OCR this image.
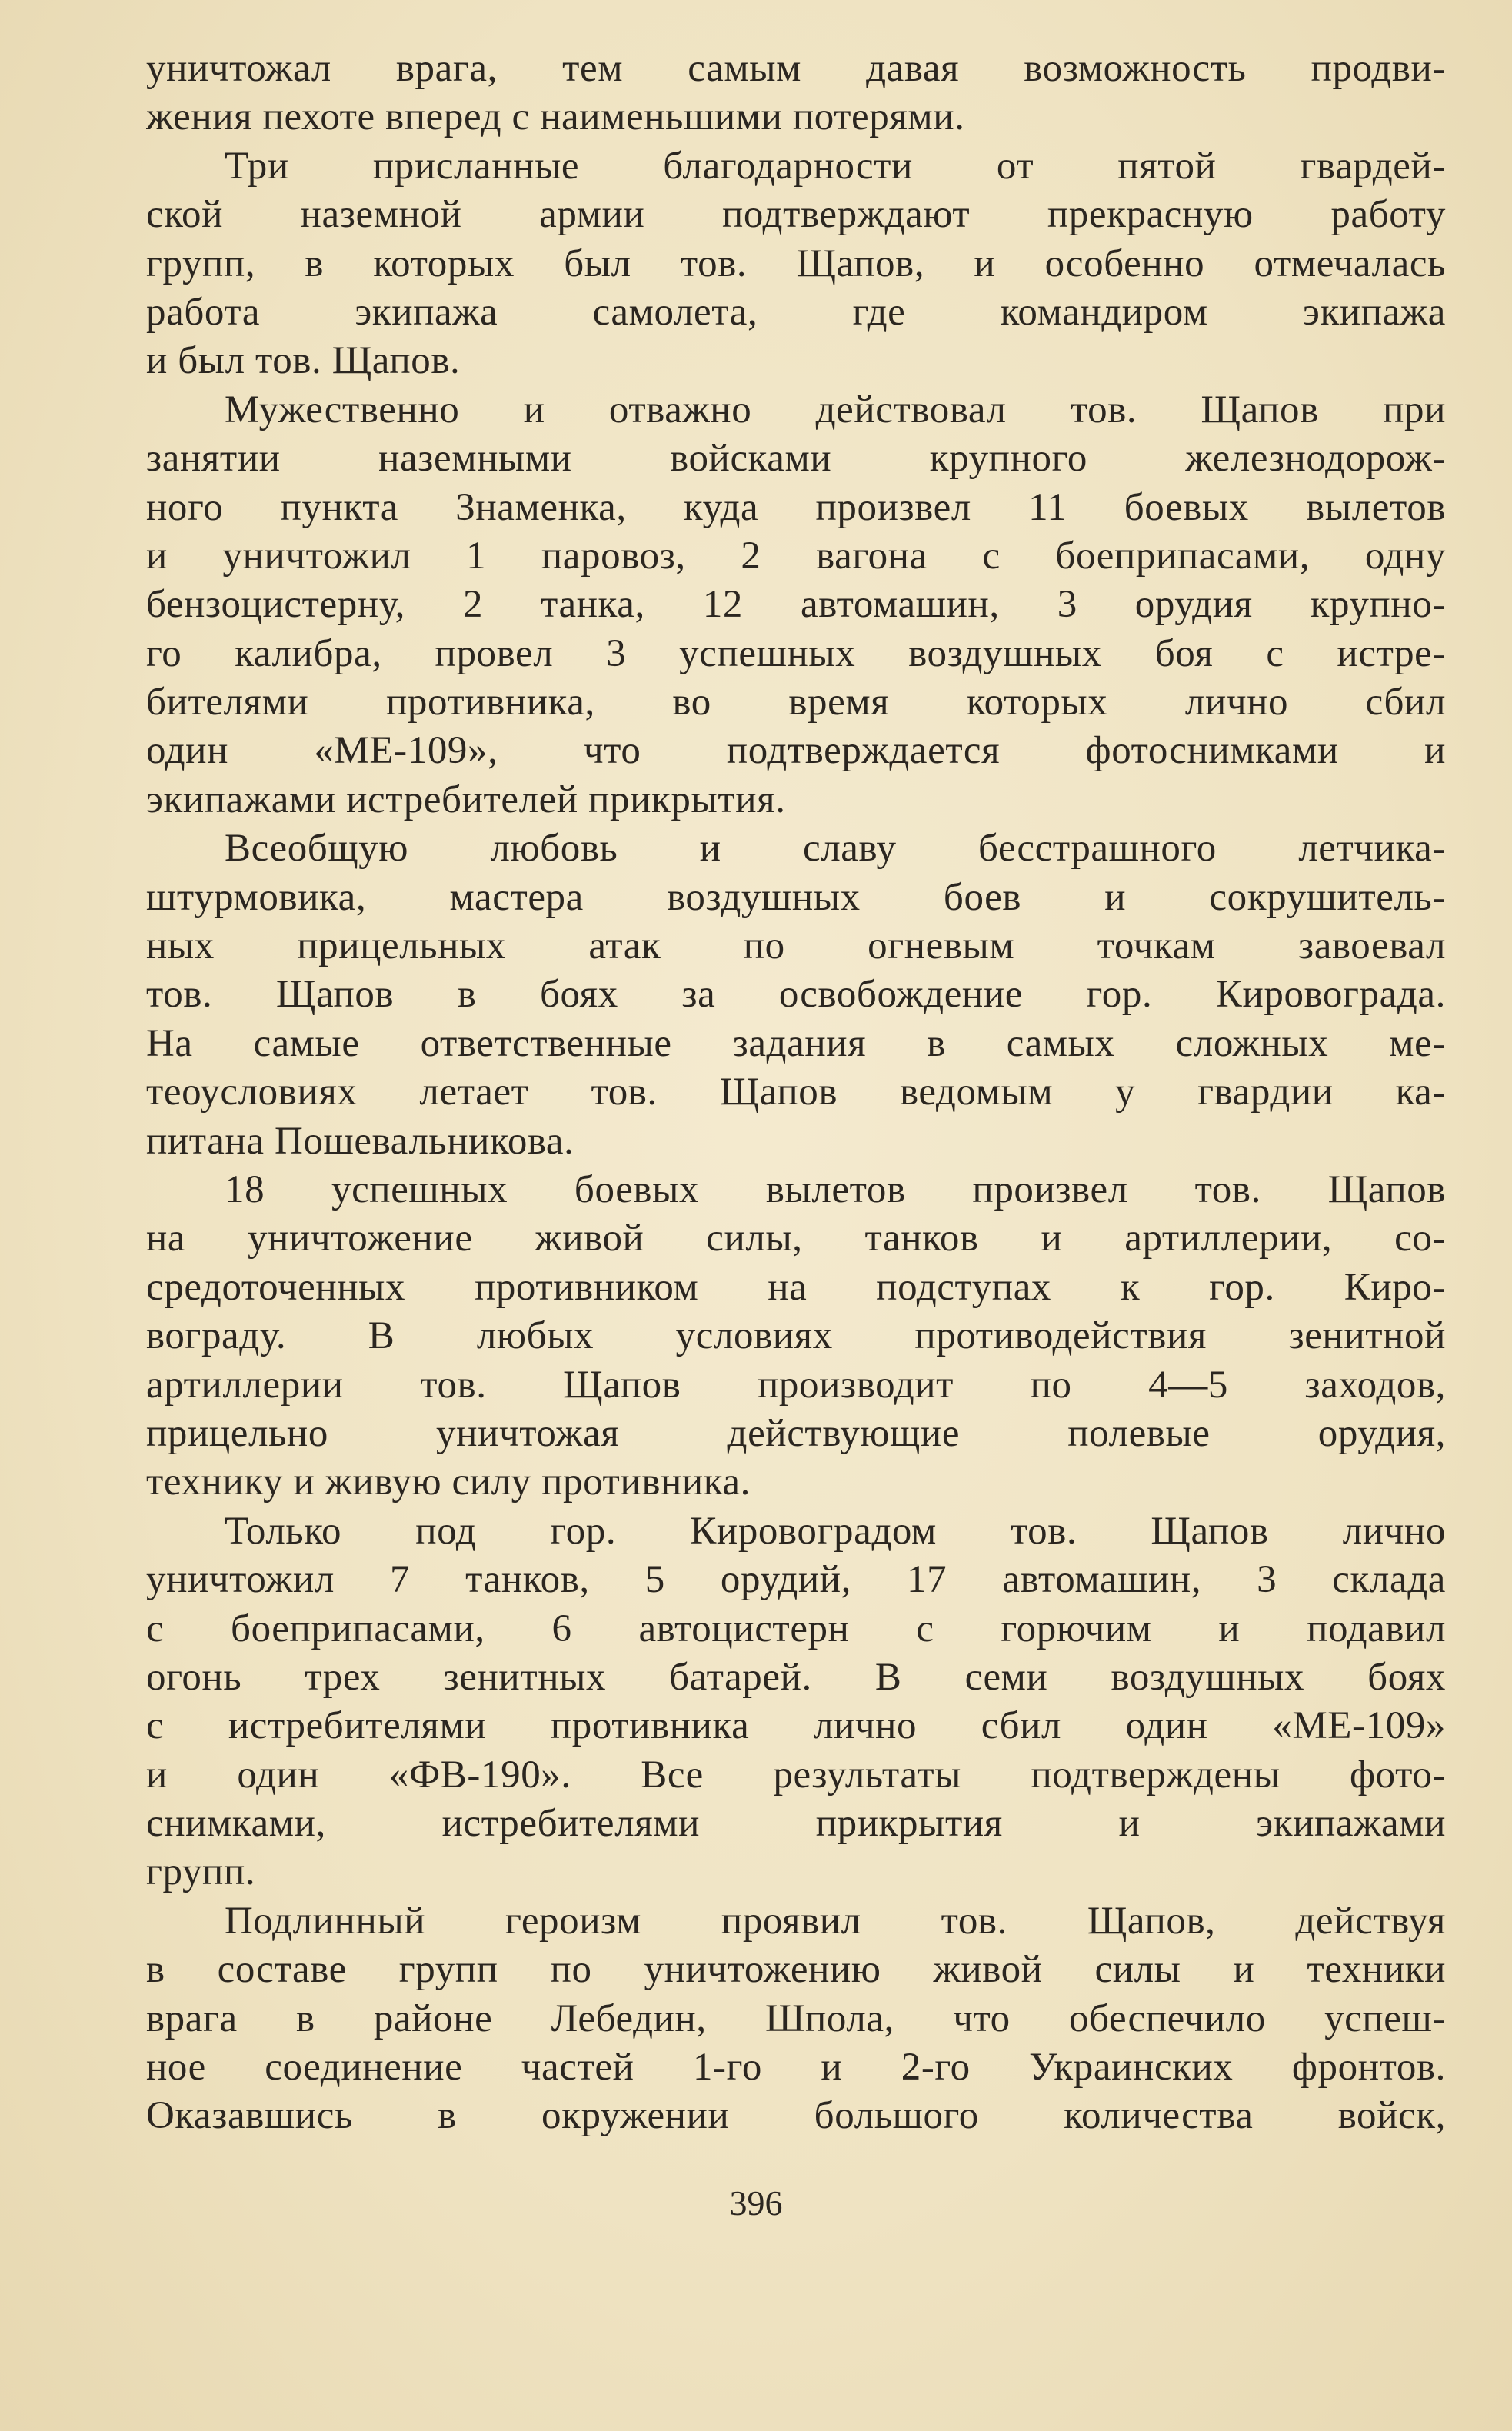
уничтожал врага, тем самым давая возможность продви-
жения пехоте вперед с наименьшими потерями.
Три присланные благодарности от пятой гвардей-
ской наземной армии подтверждают прекрасную работу
групп, в которых был тов. Щапов, и особенно отмечалась
работа экипажа самолета, где командиром экипажа
и был тов. Щапов.
Мужественно и отважно действовал тов. Щапов при
занятии наземными войсками крупного железнодорож-
ного пункта Знаменка, куда произвел 11 боевых вылетов
и уничтожил 1 паровоз, 2 вагона с боеприпасами, одну
бензоцистерну, 2 танка, 12 автомашин, 3 орудия крупно-
го калибра, провел 3 успешных воздушных боя с истре-
бителями противника, во время которых лично сбил
один «МЕ-109», что подтверждается фотоснимками и
экипажами истребителей прикрытия.
Всеобщую любовь и славу бесстрашного летчика-
штурмовика, мастера воздушных боев и сокрушитель-
ных прицельных атак по огневым точкам завоевал
тов. Щапов в боях за освобождение гор. Кировограда.
На самые ответственные задания в самых сложных ме-
теоусловиях летает тов. Щапов ведомым у гвардии ка-
питана Пошевальникова.
18 успешных боевых вылетов произвел тов. Щапов
на уничтожение живой силы, танков и артиллерии, со-
средоточенных противником на подступах к гор. Киро-
вограду. В любых условиях противодействия зенитной
артиллерии тов. Щапов производит по 4—5 заходов,
прицельно уничтожая действующие полевые орудия,
технику и живую силу противника.
Только под гор. Кировоградом тов. Щапов лично
уничтожил 7 танков, 5 орудий, 17 автомашин, 3 склада
с боеприпасами, 6 автоцистерн с горючим и подавил
огонь трех зенитных батарей. В семи воздушных боях
с истребителями противника лично сбил один «МЕ-109»
и один «ФВ-190». Все результаты подтверждены фото-
снимками, истребителями прикрытия и экипажами
групп.
Подлинный героизм проявил тов. Щапов, действуя
в составе групп по уничтожению живой силы и техники
врага в районе Лебедин, Шпола, что обеспечило успеш-
ное соединение частей 1-го и 2-го Украинских фронтов.
Оказавшись в окружении большого количества войск,
396
